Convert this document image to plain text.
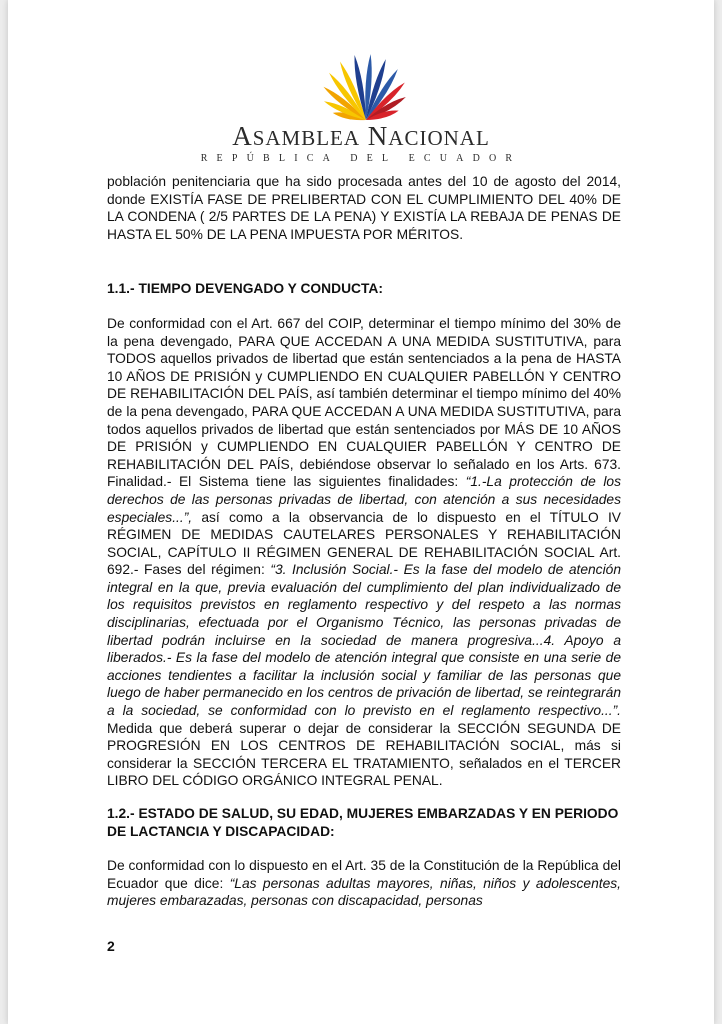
ASAMBLEA NACIONAL
REPÚBLICA DEL ECUADOR

población penitenciaria que ha sido procesada antes del 10 de agosto del 2014, donde EXISTÍA FASE DE PRELIBERTAD CON EL CUMPLIMIENTO DEL 40% DE LA CONDENA ( 2/5 PARTES DE LA PENA) Y EXISTÍA LA REBAJA DE PENAS DE HASTA EL 50% DE LA PENA IMPUESTA POR MÉRITOS.

1.1.- TIEMPO DEVENGADO Y CONDUCTA:

De conformidad con el Art. 667 del COIP, determinar el tiempo mínimo del 30% de la pena devengado, PARA QUE ACCEDAN A UNA MEDIDA SUSTITUTIVA, para TODOS aquellos privados de libertad que están sentenciados a la pena de HASTA 10 AÑOS DE PRISIÓN y CUMPLIENDO EN CUALQUIER PABELLÓN Y CENTRO DE REHABILITACIÓN DEL PAÍS, así también determinar el tiempo mínimo del 40% de la pena devengado, PARA QUE ACCEDAN A UNA MEDIDA SUSTITUTIVA, para todos aquellos privados de libertad que están sentenciados por MÁS DE 10 AÑOS DE PRISIÓN y CUMPLIENDO EN CUALQUIER PABELLÓN Y CENTRO DE REHABILITACIÓN DEL PAÍS, debiéndose observar lo señalado en los Arts. 673. Finalidad.- El Sistema tiene las siguientes finalidades: “1.-La protección de los derechos de las personas privadas de libertad, con atención a sus necesidades especiales...”, así como a la observancia de lo dispuesto en el TÍTULO IV RÉGIMEN DE MEDIDAS CAUTELARES PERSONALES Y REHABILITACIÓN SOCIAL, CAPÍTULO II RÉGIMEN GENERAL DE REHABILITACIÓN SOCIAL Art. 692.- Fases del régimen: “3. Inclusión Social.- Es la fase del modelo de atención integral en la que, previa evaluación del cumplimiento del plan individualizado de los requisitos previstos en reglamento respectivo y del respeto a las normas disciplinarias, efectuada por el Organismo Técnico, las personas privadas de libertad podrán incluirse en la sociedad de manera progresiva...4. Apoyo a liberados.- Es la fase del modelo de atención integral que consiste en una serie de acciones tendientes a facilitar la inclusión social y familiar de las personas que luego de haber permanecido en los centros de privación de libertad, se reintegrarán a la sociedad, se conformidad con lo previsto en el reglamento respectivo...”. Medida que deberá superar o dejar de considerar la SECCIÓN SEGUNDA DE PROGRESIÓN EN LOS CENTROS DE REHABILITACIÓN SOCIAL, más si considerar la SECCIÓN TERCERA EL TRATAMIENTO, señalados en el TERCER LIBRO DEL CÓDIGO ORGÁNICO INTEGRAL PENAL.

1.2.- ESTADO DE SALUD, SU EDAD, MUJERES EMBARZADAS Y EN PERIODO DE LACTANCIA Y DISCAPACIDAD:

De conformidad con lo dispuesto en el Art. 35 de la Constitución de la República del Ecuador que dice: “Las personas adultas mayores, niñas, niños y adolescentes, mujeres embarazadas, personas con discapacidad, personas

2
